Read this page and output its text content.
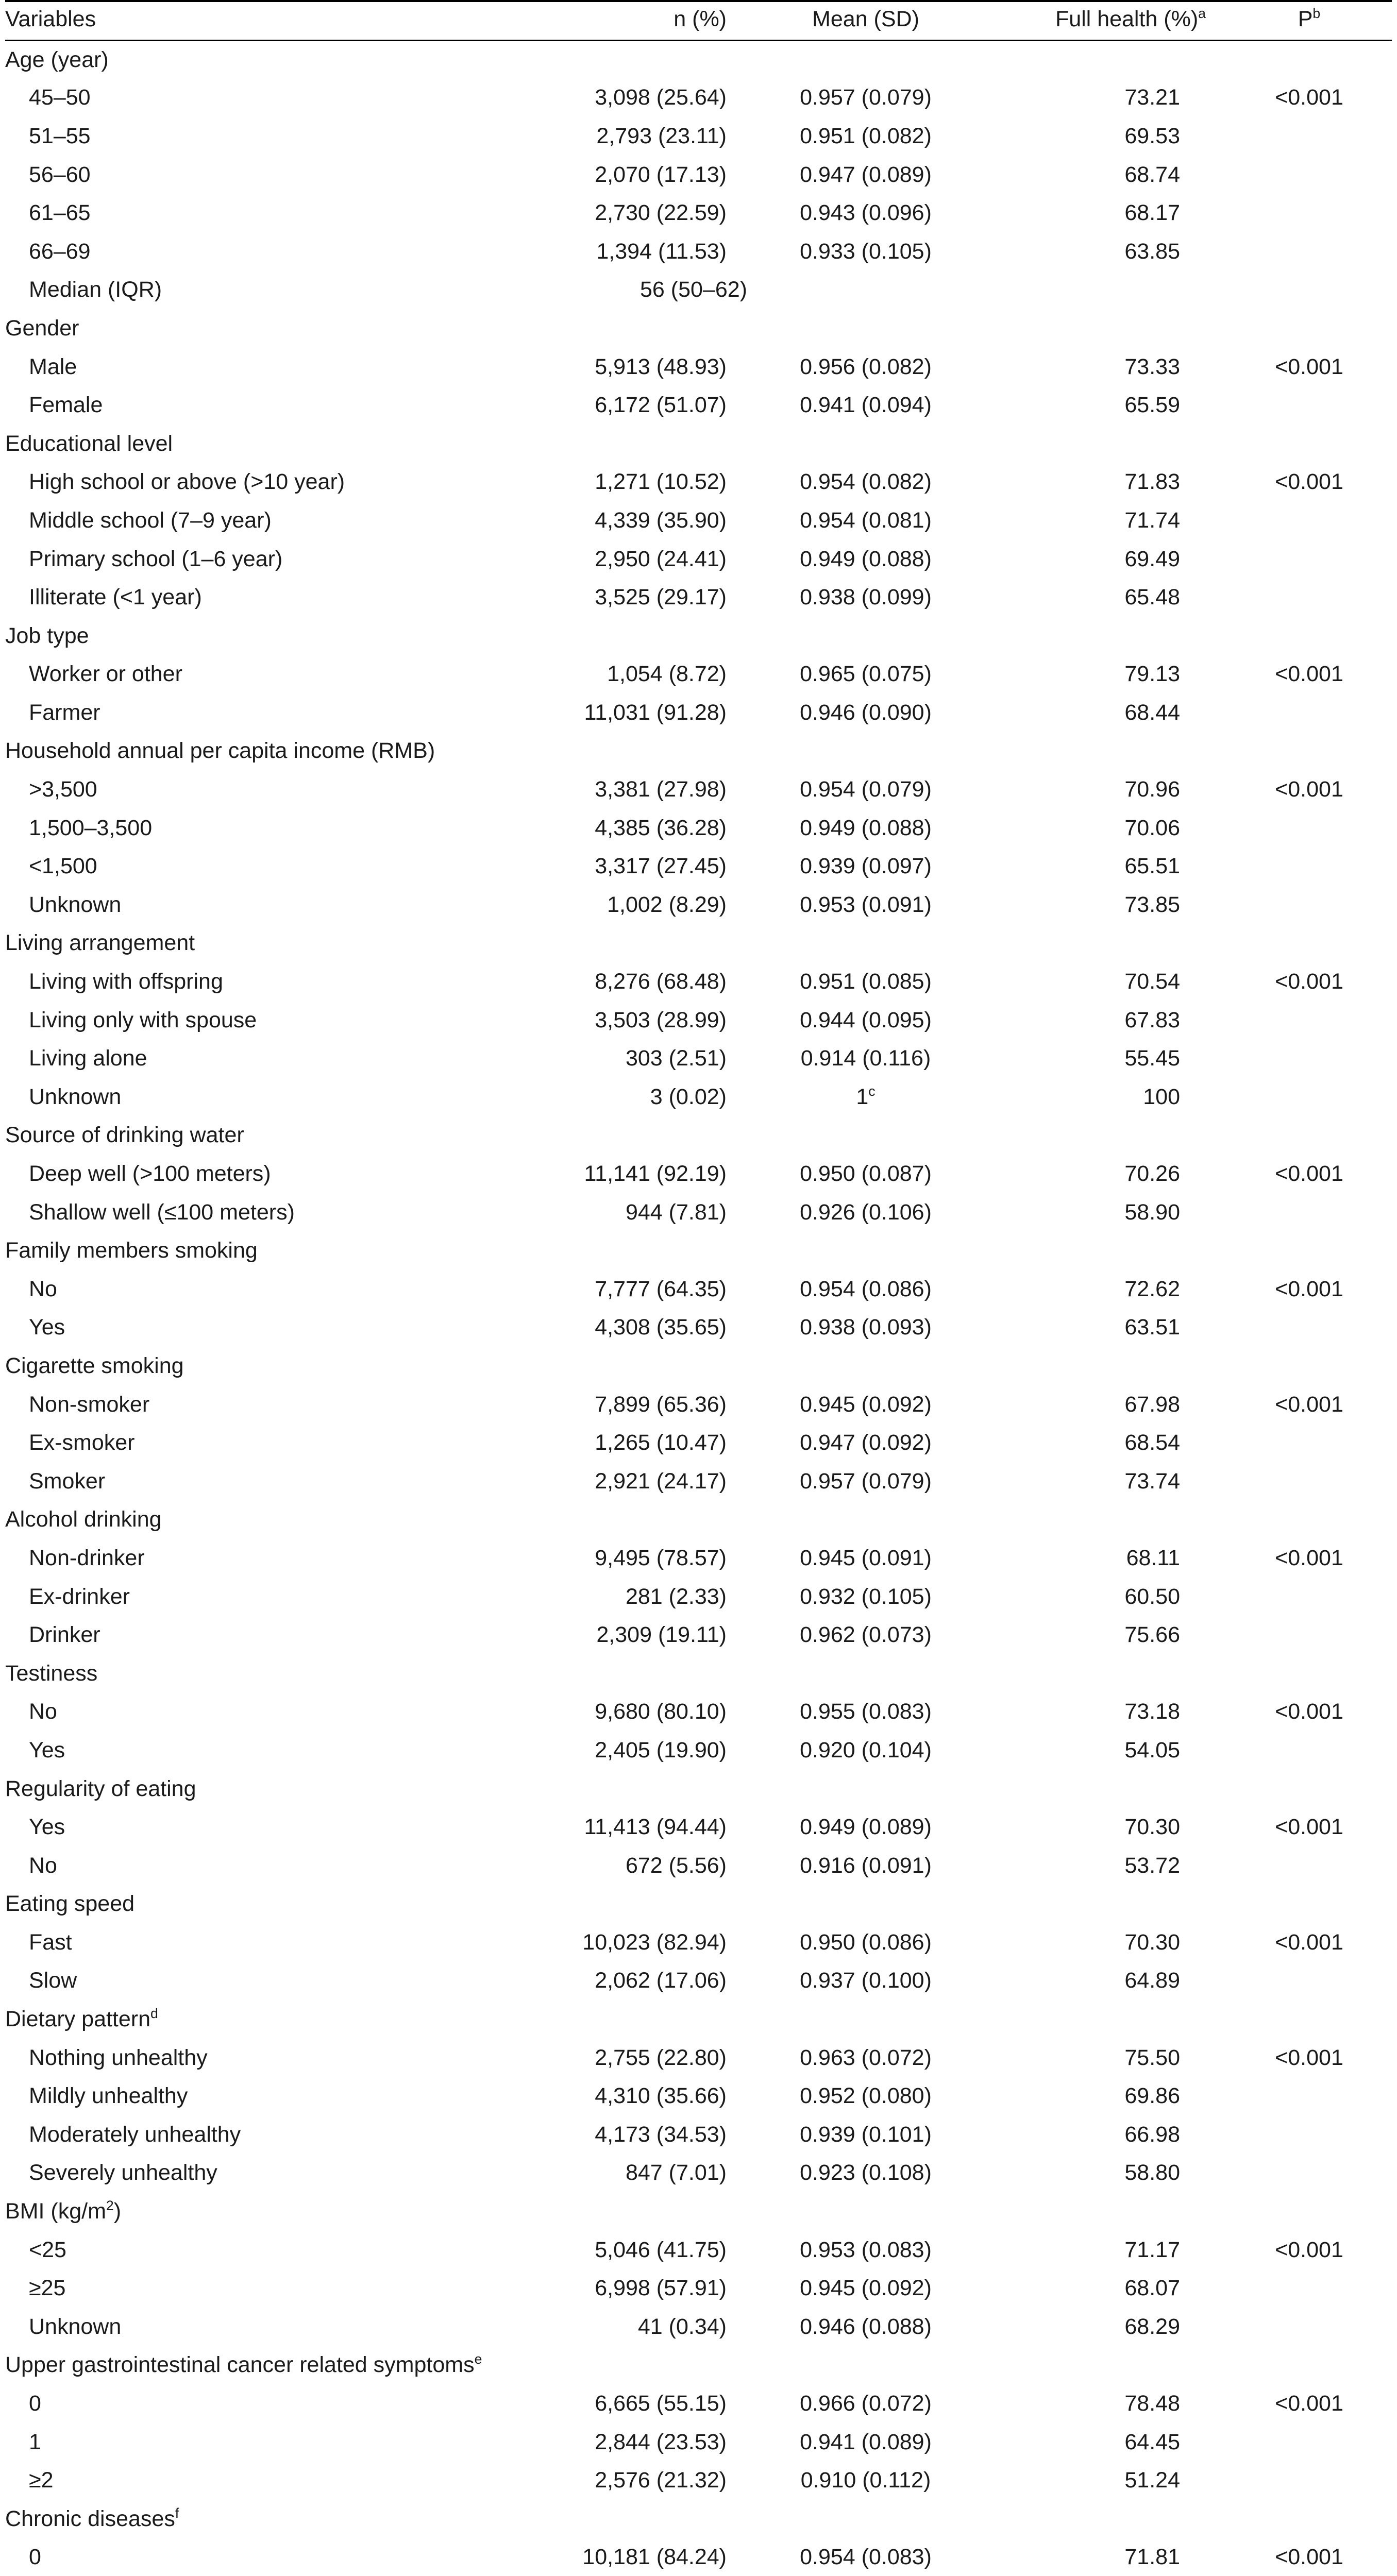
Variables	n (%)	Mean (SD)	Full health (%)$^a$	$P^b$
Age (year)				
45–50	3,098 (25.64)	0.957 (0.079)	73.21	<0.001
51–55	2,793 (23.11)	0.951 (0.082)	69.53	
56–60	2,070 (17.13)	0.947 (0.089)	68.74	
61–65	2,730 (22.59)	0.943 (0.096)	68.17	
66–69	1,394 (11.53)	0.933 (0.105)	63.85	
Median (IQR)	56 (50–62)			
Gender				
Male	5,913 (48.93)	0.956 (0.082)	73.33	<0.001
Female	6,172 (51.07)	0.941 (0.094)	65.59	
Educational level				
High school or above (>10 year)	1,271 (10.52)	0.954 (0.082)	71.83	<0.001
Middle school (7–9 year)	4,339 (35.90)	0.954 (0.081)	71.74	
Primary school (1–6 year)	2,950 (24.41)	0.949 (0.088)	69.49	
Illiterate (<1 year)	3,525 (29.17)	0.938 (0.099)	65.48	
Job type				
Worker or other	1,054 (8.72)	0.965 (0.075)	79.13	<0.001
Farmer	11,031 (91.28)	0.946 (0.090)	68.44	
Household annual per capita income (RMB)				
>3,500	3,381 (27.98)	0.954 (0.079)	70.96	<0.001
1,500–3,500	4,385 (36.28)	0.949 (0.088)	70.06	
<1,500	3,317 (27.45)	0.939 (0.097)	65.51	
Unknown	1,002 (8.29)	0.953 (0.091)	73.85	
Living arrangement				
Living with offspring	8,276 (68.48)	0.951 (0.085)	70.54	<0.001
Living only with spouse	3,503 (28.99)	0.944 (0.095)	67.83	
Living alone	303 (2.51)	0.914 (0.116)	55.45	
Unknown	3 (0.02)	1$^c$	100	
Source of drinking water				
Deep well (>100 meters)	11,141 (92.19)	0.950 (0.087)	70.26	<0.001
Shallow well (≤100 meters)	944 (7.81)	0.926 (0.106)	58.90	
Family members smoking				
No	7,777 (64.35)	0.954 (0.086)	72.62	<0.001
Yes	4,308 (35.65)	0.938 (0.093)	63.51	
Cigarette smoking				
Non-smoker	7,899 (65.36)	0.945 (0.092)	67.98	<0.001
Ex-smoker	1,265 (10.47)	0.947 (0.092)	68.54	
Smoker	2,921 (24.17)	0.957 (0.079)	73.74	
Alcohol drinking				
Non-drinker	9,495 (78.57)	0.945 (0.091)	68.11	<0.001
Ex-drinker	281 (2.33)	0.932 (0.105)	60.50	
Drinker	2,309 (19.11)	0.962 (0.073)	75.66	
Testiness				
No	9,680 (80.10)	0.955 (0.083)	73.18	<0.001
Yes	2,405 (19.90)	0.920 (0.104)	54.05	
Regularity of eating				
Yes	11,413 (94.44)	0.949 (0.089)	70.30	<0.001
No	672 (5.56)	0.916 (0.091)	53.72	
Eating speed				
Fast	10,023 (82.94)	0.950 (0.086)	70.30	<0.001
Slow	2,062 (17.06)	0.937 (0.100)	64.89	
Dietary pattern$^d$				
Nothing unhealthy	2,755 (22.80)	0.963 (0.072)	75.50	<0.001
Mildly unhealthy	4,310 (35.66)	0.952 (0.080)	69.86	
Moderately unhealthy	4,173 (34.53)	0.939 (0.101)	66.98	
Severely unhealthy	847 (7.01)	0.923 (0.108)	58.80	
BMI $(kg/m^2)$				
<25	5,046 (41.75)	0.953 (0.083)	71.17	<0.001
≥25	6,998 (57.91)	0.945 (0.092)	68.07	
Unknown	41 (0.34)	0.946 (0.088)	68.29	
Upper gastrointestinal cancer related symptoms$^e$				
0	6,665 (55.15)	0.966 (0.072)	78.48	<0.001
1	2,844 (23.53)	0.941 (0.089)	64.45	
≥2	2,576 (21.32)	0.910 (0.112)	51.24	
Chronic diseases$^f$				
0	10,181 (84.24)	0.954 (0.083)	71.81	<0.001
